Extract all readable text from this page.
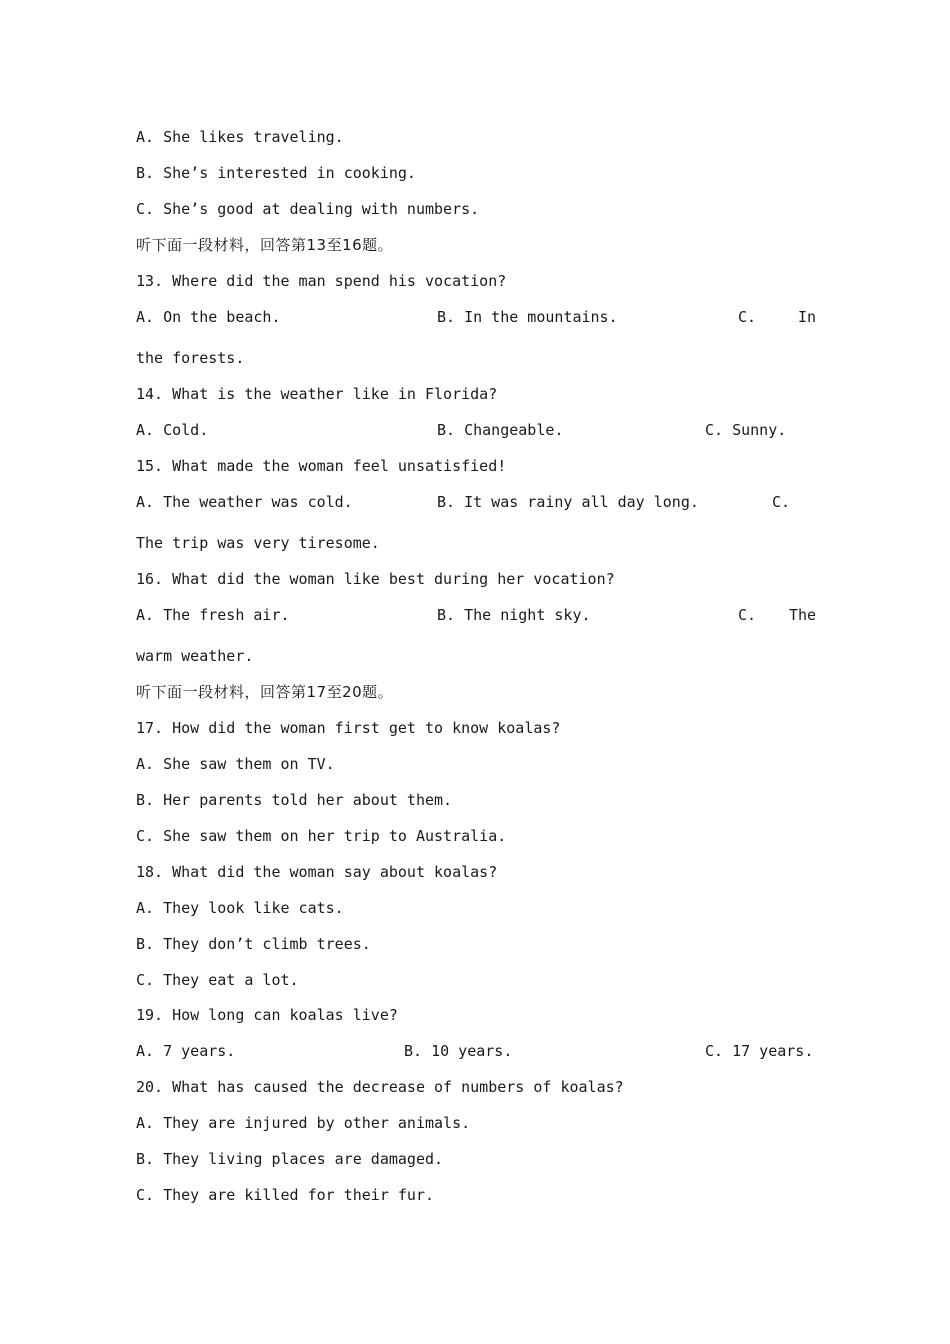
A. She likes traveling.
B. She’s interested in cooking.
C. She’s good at dealing with numbers.
听下面一段材料，回答第13至16题。
13. Where did the man spend his vocation?
A. On the beach.	B. In the mountains.	C.	In
the forests.
14. What is the weather like in Florida?
A. Cold.	B. Changeable.	C. Sunny.
15. What made the woman feel unsatisfied!
A. The weather was cold.	B. It was rainy all day long.	C.
The trip was very tiresome.
16. What did the woman like best during her vocation?
A. The fresh air.	B. The night sky.	C. The
warm weather.
听下面一段材料，回答第17至20题。
17. How did the woman first get to know koalas?
A. She saw them on TV.
B. Her parents told her about them.
C. She saw them on her trip to Australia.
18. What did the woman say about koalas?
A. They look like cats.
B. They don’t climb trees.
C. They eat a lot.
19. How long can koalas live?
A. 7 years.	B. 10 years.	C. 17 years.
20. What has caused the decrease of numbers of koalas?
A. They are injured by other animals.
B. They living places are damaged.
C. They are killed for their fur.
